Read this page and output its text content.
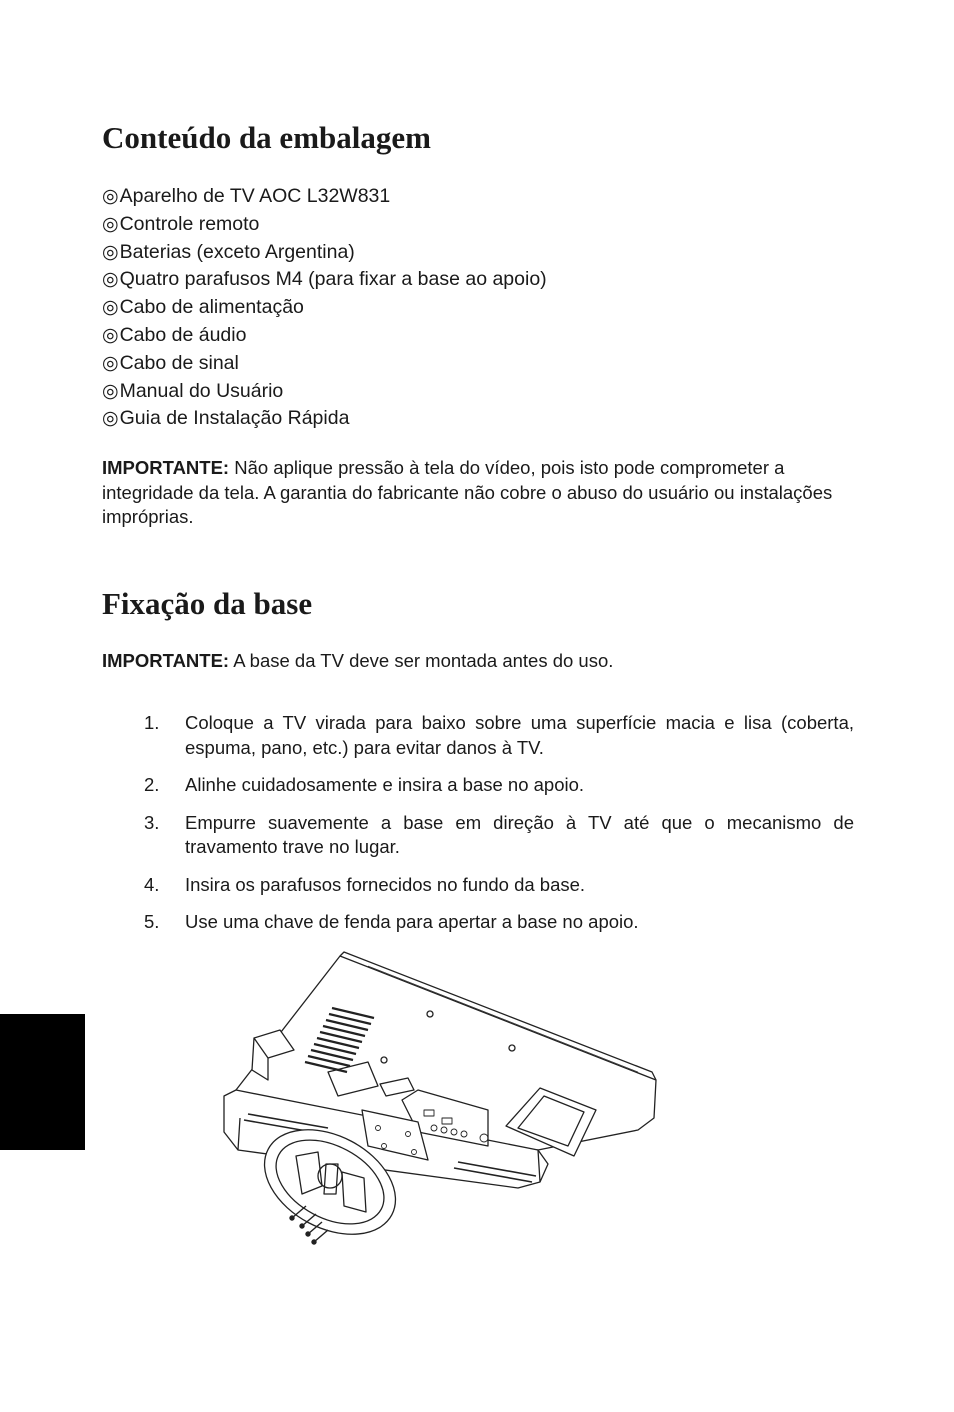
Conteúdo da embalagem
◎Aparelho de TV AOC L32W831
◎Controle remoto
◎Baterias (exceto Argentina)
◎Quatro parafusos M4 (para fixar a base ao apoio)
◎Cabo de alimentação
◎Cabo de áudio
◎Cabo de sinal
◎Manual do Usuário
◎Guia de Instalação Rápida

IMPORTANTE: Não aplique pressão à tela do vídeo, pois isto pode comprometer a integridade da tela. A garantia do fabricante não cobre o abuso do usuário ou instalações impróprias.

Fixação da base

IMPORTANTE: A base da TV deve ser montada antes do uso.

1.	Coloque a TV virada para baixo sobre uma superfície macia e lisa (coberta, espuma, pano, etc.) para evitar danos à TV.
2.	Alinhe cuidadosamente e insira a base no apoio.
3.	Empurre suavemente a base em direção à TV até que o mecanismo de travamento trave no lugar.
4.	Insira os parafusos fornecidos no fundo da base.
5.	Use uma chave de fenda para apertar a base no apoio.
